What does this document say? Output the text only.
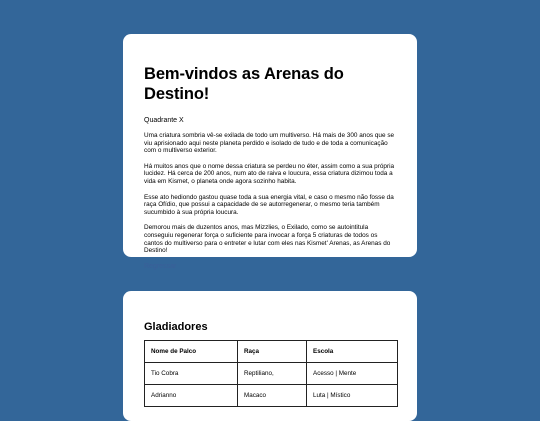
Bem-vindos as Arenas do Destino!

Quadrante X

Uma criatura sombria vê-se exilada de todo um multiverso. Há mais de 300 anos que se viu aprisionado aqui neste planeta perdido e isolado de tudo e de toda a comunicação com o multiverso exterior.

Há muitos anos que o nome dessa criatura se perdeu no éter, assim como a sua própria lucidez. Há cerca de 200 anos, num ato de raiva e loucura, essa criatura dizimou toda a vida em Kismet, o planeta onde agora sozinho habita.

Esse ato hediondo gastou quase toda a sua energia vital, e caso o mesmo não fosse da raça Ofídio, que possui a capacidade de se autorregenerar, o mesmo teria também sucumbido à sua própria loucura.

Demorou mais de duzentos anos, mas Mizzlies, o Exilado, como se autointitula conseguiu regenerar força o suficiente para invocar a força 5 criaturas de todos os cantos do multiverso para o entreter e lutar com eles nas Kismet' Arenas, as Arenas do Destino!

Regressar
Gladiadores
Nome de Palco	Raça	Escola
Tio Cobra	Reptiliano,	Acesso | Mente
Adrianno	Macaco	Luta | Místico
